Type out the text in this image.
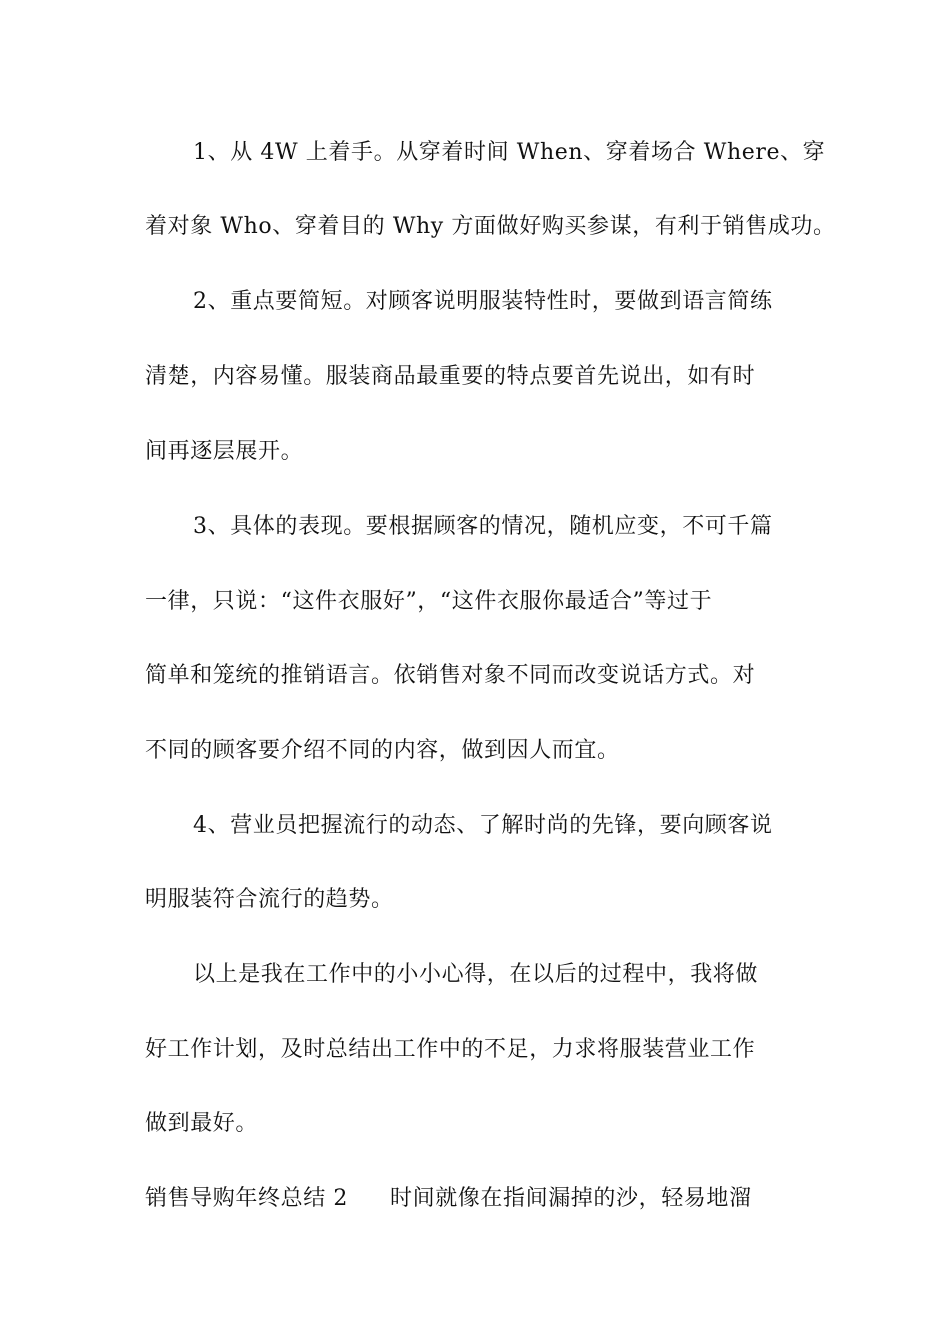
1、从 4W 上着手。从穿着时间 When、穿着场合 Where、穿
着对象 Who、穿着目的 Why 方面做好购买参谋，有利于销售成功。
2、重点要简短。对顾客说明服装特性时，要做到语言简练
清楚，内容易懂。服装商品最重要的特点要首先说出，如有时
间再逐层展开。
3、具体的表现。要根据顾客的情况，随机应变，不可千篇
一律，只说：“这件衣服好”，“这件衣服你最适合”等过于
简单和笼统的推销语言。依销售对象不同而改变说话方式。对
不同的顾客要介绍不同的内容，做到因人而宜。
4、营业员把握流行的动态、了解时尚的先锋，要向顾客说
明服装符合流行的趋势。
以上是我在工作中的小小心得，在以后的过程中，我将做
好工作计划，及时总结出工作中的不足，力求将服装营业工作
做到最好。
销售导购年终总结 2 时间就像在指间漏掉的沙，轻易地溜
